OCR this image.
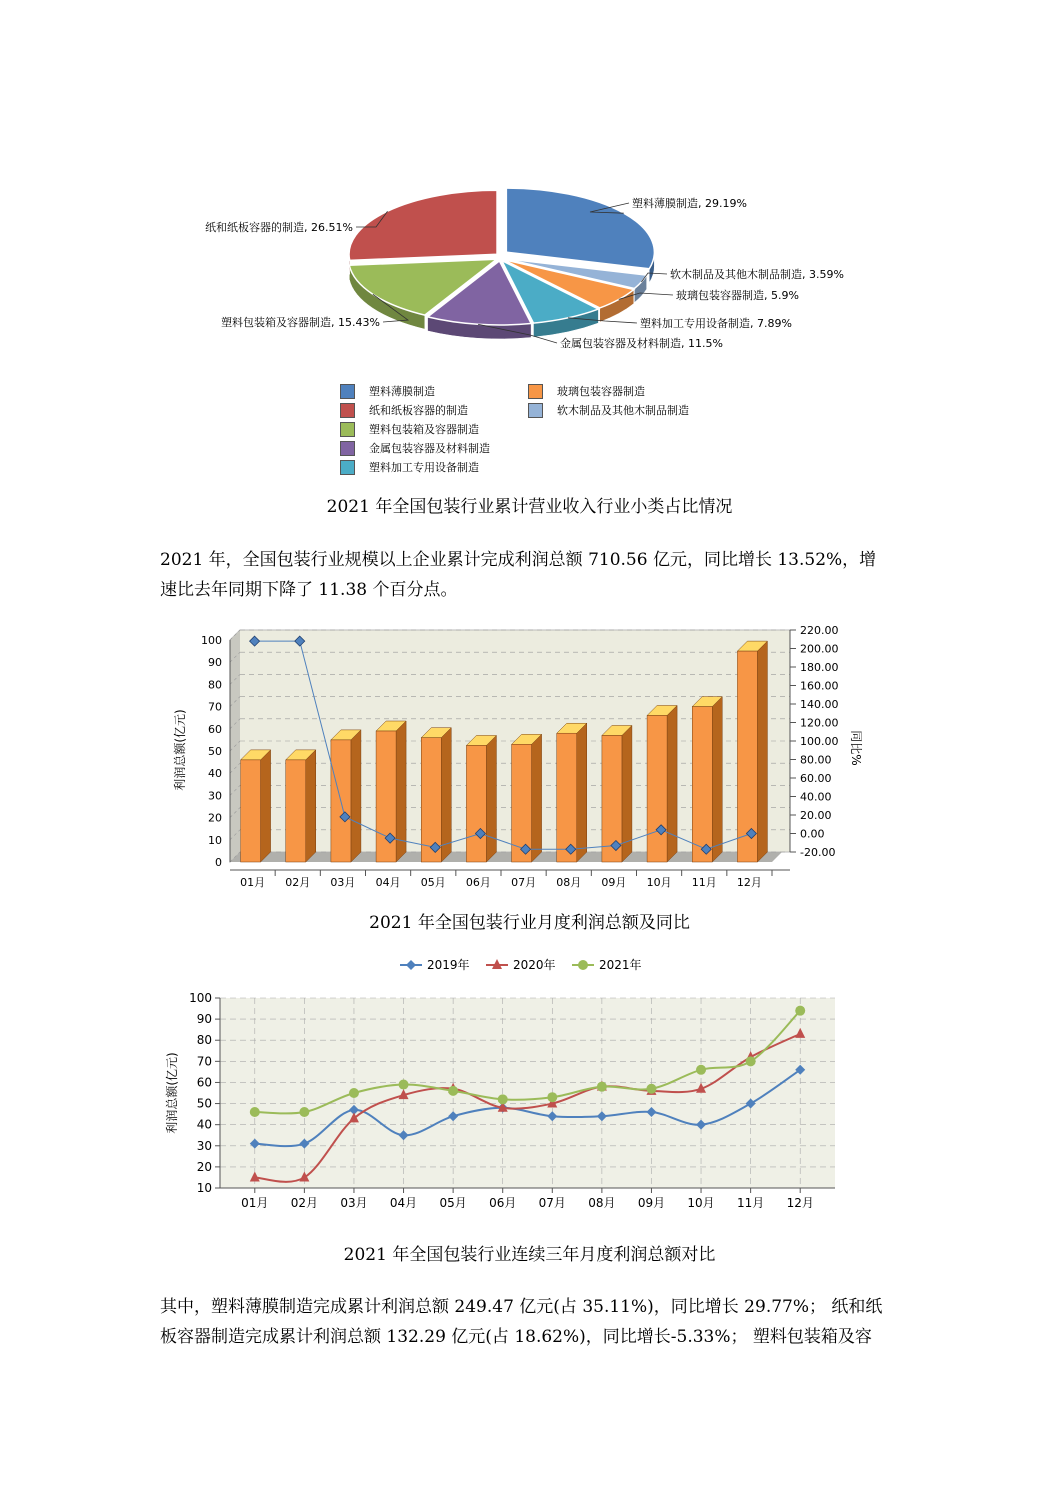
塑料薄膜制造, 29.19%
软木制品及其他木制品制造, 3.59%
玻璃包装容器制造, 5.9%
塑料加工专用设备制造, 7.89%
金属包装容器及材料制造, 11.5%
塑料包装箱及容器制造, 15.43%
纸和纸板容器的制造, 26.51%
塑料薄膜制造
纸和纸板容器的制造
塑料包装箱及容器制造
金属包装容器及材料制造
塑料加工专用设备制造
玻璃包装容器制造
软木制品及其他木制品制造
2021 年全国包装行业累计营业收入行业小类占比情况
2021 年，全国包装行业规模以上企业累计完成利润总额 710.56 亿元，同比增长 13.52%，增
速比去年同期下降了 11.38 个百分点。
0
10
20
30
40
50
60
70
80
90
100
-20.00
0.00
20.00
40.00
60.00
80.00
100.00
120.00
140.00
160.00
180.00
200.00
220.00
01月 02月 03月 04月 05月 06月 07月 08月 09月 10月 11月 12月
利润总额(亿元)	同比%
2021 年全国包装行业月度利润总额及同比
2019年	2020年	2021年
10
20
30
40
50
60
70
80
90
100
01月 02月 03月 04月 05月 06月 07月 08月 09月 10月 11月 12月
利润总额(亿元)
2021 年全国包装行业连续三年月度利润总额对比
其中，塑料薄膜制造完成累计利润总额 249.47 亿元(占 35.11%)，同比增长 29.77%； 纸和纸
板容器制造完成累计利润总额 132.29 亿元(占 18.62%)，同比增长-5.33%； 塑料包装箱及容
